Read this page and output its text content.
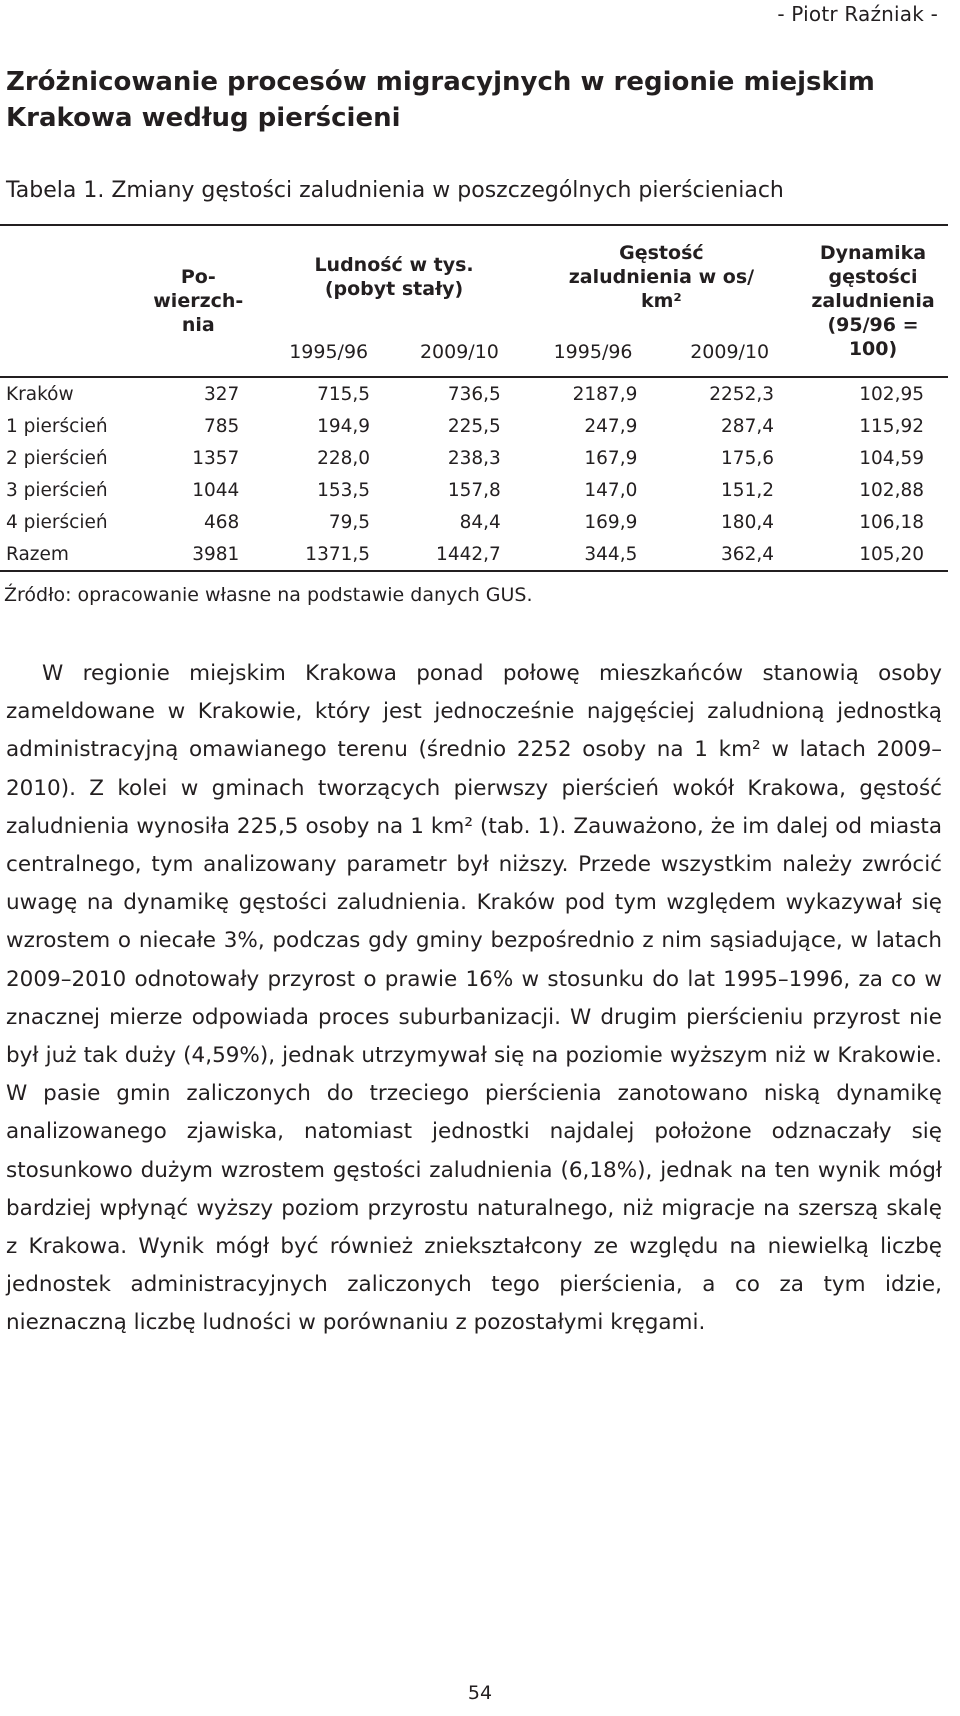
- Piotr Raźniak -
Zróżnicowanie procesów migracyjnych w regionie miejskim Krakowa według pierścieni
Tabela 1. Zmiany gęstości zaludnienia w poszczególnych pierścieniach
Po-
wierzch-
nia		Ludność w tys.
(pobyt stały)		Gęstość
zaludnienia w os/
km²		Dynamika
gęstości
zaludnienia
(95/96 =
100)
		1995/96	2009/10	1995/96	2009/10	
Kraków	327	715,5	736,5	2187,9	2252,3	102,95
1 pierścień	785	194,9	225,5	247,9	287,4	115,92
2 pierścień	1357	228,0	238,3	167,9	175,6	104,59
3 pierścień	1044	153,5	157,8	147,0	151,2	102,88
4 pierścień	468	79,5	84,4	169,9	180,4	106,18
Razem	3981	1371,5	1442,7	344,5	362,4	105,20
Źródło: opracowanie własne na podstawie danych GUS.

W regionie miejskim Krakowa ponad połowę mieszkańców stanowią osoby zameldowane w Krakowie, który jest jednocześnie najgęściej zaludnioną jednostką administracyjną omawianego terenu (średnio 2252 osoby na 1 km² w latach 2009–2010). Z kolei w gminach tworzących pierwszy pierścień wokół Krakowa, gęstość zaludnienia wynosiła 225,5 osoby na 1 km² (tab. 1). Zauważono, że im dalej od miasta centralnego, tym analizowany parametr był niższy. Przede wszystkim należy zwrócić uwagę na dynamikę gęstości zaludnienia. Kraków pod tym względem wykazywał się wzrostem o niecałe 3%, podczas gdy gminy bezpośrednio z nim sąsiadujące, w latach 2009–2010 odnotowały przyrost o prawie 16% w stosunku do lat 1995–1996, za co w znacznej mierze odpowiada proces suburbanizacji. W drugim pierścieniu przyrost nie był już tak duży (4,59%), jednak utrzymywał się na poziomie wyższym niż w Krakowie. W pasie gmin zaliczonych do trzeciego pierścienia zanotowano niską dynamikę analizowanego zjawiska, natomiast jednostki najdalej położone odznaczały się stosunkowo dużym wzrostem gęstości zaludnienia (6,18%), jednak na ten wynik mógł bardziej wpłynąć wyższy poziom przyrostu naturalnego, niż migracje na szerszą skalę z Krakowa. Wynik mógł być również zniekształcony ze względu na niewielką liczbę jednostek administracyjnych zaliczonych tego pierścienia, a co za tym idzie, nieznaczną liczbę ludności w porównaniu z pozostałymi kręgami.

54
